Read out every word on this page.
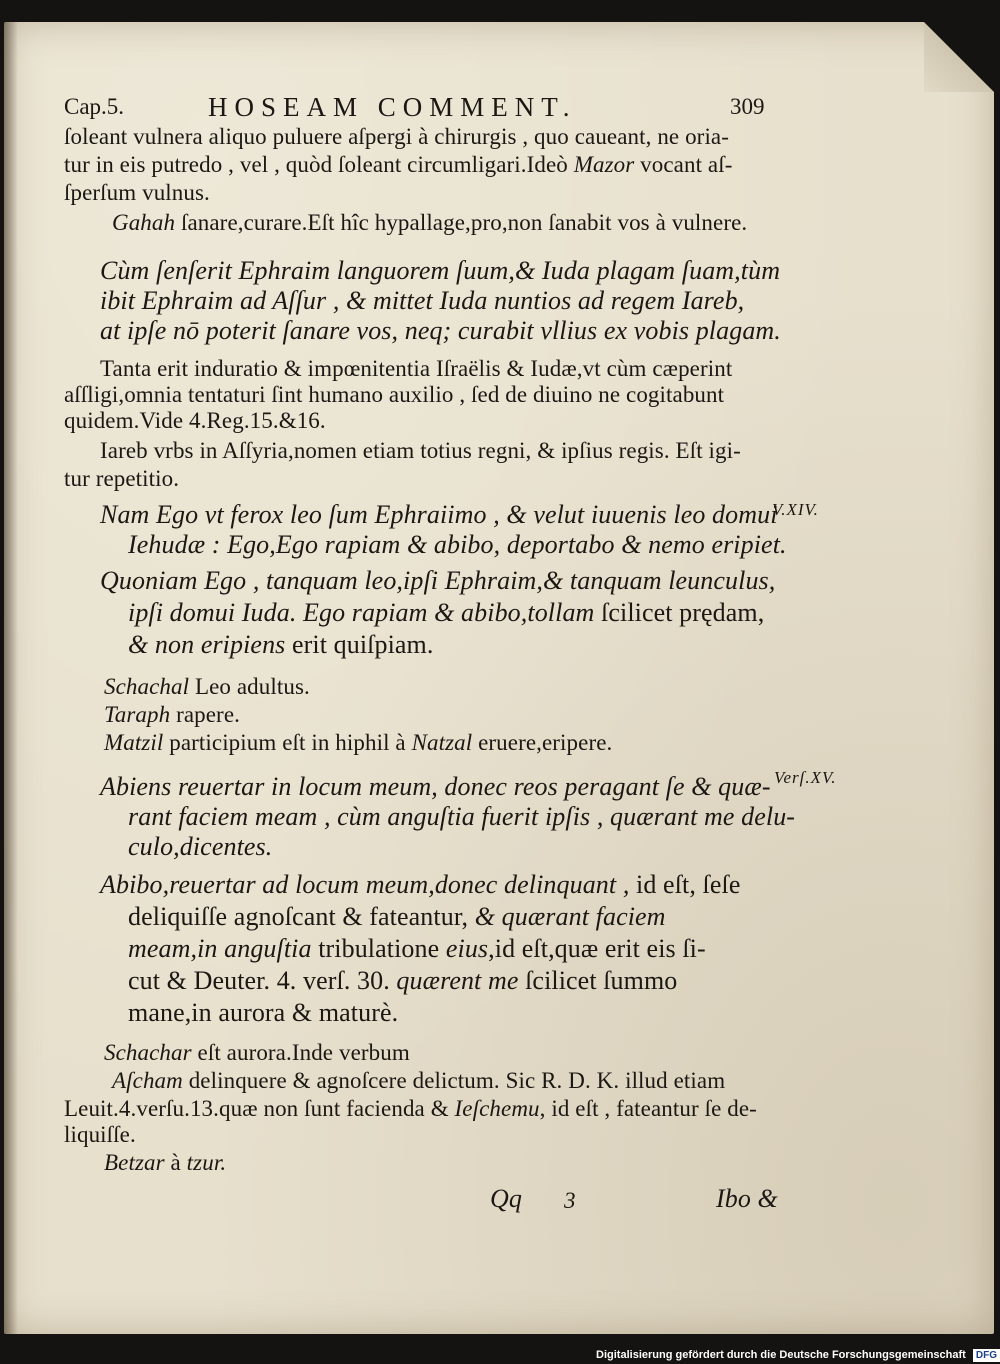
Cap.5.	HOSEAM COMMENT.	309
ſoleant vulnera aliquo puluere aſpergi à chirurgis , quo caueant, ne oria-
tur in eis putredo , vel , quòd ſoleant circumligari.Ideò Mazor vocant aſ-
ſperſum vulnus.
Gahah ſanare,curare.Eſt hîc hypallage,pro,non ſanabit vos à vulnere.
Cùm ſenſerit Ephraim languorem ſuum,& Iuda plagam ſuam,tùm
ibit Ephraim ad Aſſur , & mittet Iuda nuntios ad regem Iareb,
at ipſe nō poterit ſanare vos, neq; curabit vllius ex vobis plagam.
Tanta erit induratio & impœnitentia Iſraëlis & Iudæ,vt cùm cæperint
aſſligi,omnia tentaturi ſint humano auxilio , ſed de diuino ne cogitabunt
quidem.Vide 4.Reg.15.&16.
Iareb vrbs in Aſſyria,nomen etiam totius regni, & ipſius regis. Eſt igi-
tur repetitio.
Nam Ego vt ferox leo ſum Ephraiimo , & velut iuuenis leo domui
Iehudæ : Ego,Ego rapiam & abibo, deportabo & nemo eripiet.
V.XIV.
Quoniam Ego , tanquam leo,ipſi Ephraim,& tanquam leunculus,
ipſi domui Iuda. Ego rapiam & abibo,tollam ſcilicet prędam,
& non eripiens erit quiſpiam.
Schachal Leo adultus.
Taraph rapere.
Matzil participium eſt in hiphil à Natzal eruere,eripere.
Abiens reuertar in locum meum, donec reos peragant ſe & quæ-
rant faciem meam , cùm anguſtia fuerit ipſis , quærant me delu-
culo,dicentes.
Verſ.XV.
Abibo,reuertar ad locum meum,donec delinquant , id eſt, ſeſe
deliquiſſe agnoſcant & fateantur, & quærant faciem
meam,in anguſtia tribulatione eius,id eſt,quæ erit eis ſi-
cut & Deuter. 4. verſ. 30. quærent me ſcilicet ſummo
mane,in aurora & maturè.
Schachar eſt aurora.Inde verbum
Aſcham delinquere & agnoſcere delictum. Sic R. D. K. illud etiam
Leuit.4.verſu.13.quæ non ſunt facienda & Ieſchemu, id eſt , fateantur ſe de-
liquiſſe.
Betzar à tzur.
Qq 3	Ibo &
Digitalisierung gefördert durch die Deutsche Forschungsgemeinschaft DFG
